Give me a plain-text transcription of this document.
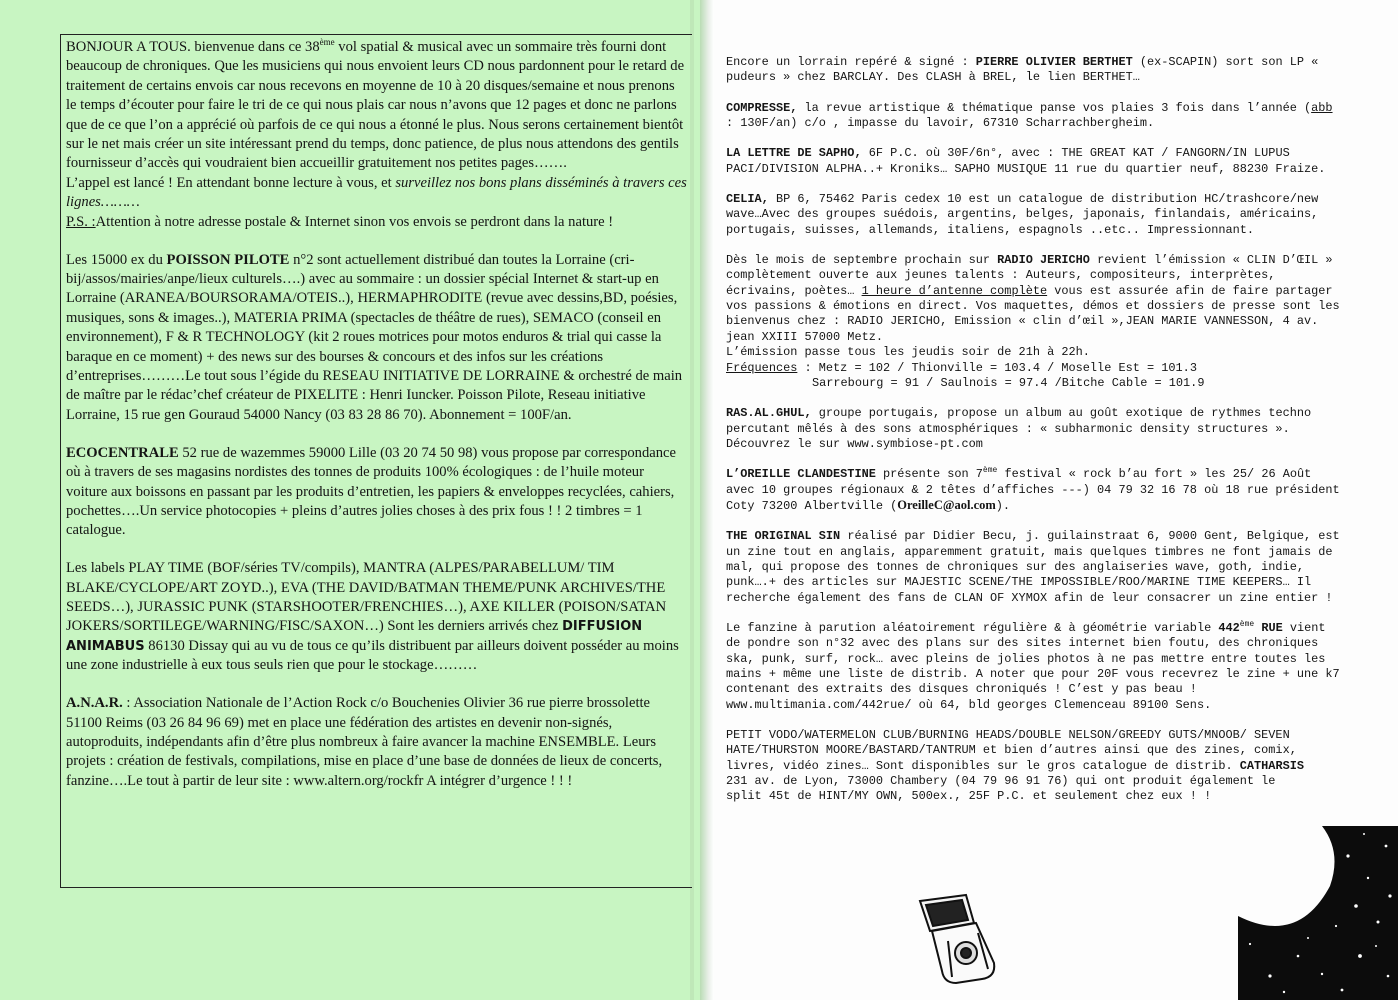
BONJOUR A TOUS. bienvenue dans ce 38ème vol spatial & musical avec un sommaire très fourni dont beaucoup de chroniques. Que les musiciens qui nous envoient leurs CD nous pardonnent pour le retard de traitement de certains envois car nous recevons en moyenne de 10 à 20 disques/semaine et nous prenons le temps d’écouter pour faire le tri de ce qui nous plais car nous n’avons que 12 pages et donc ne parlons que de ce que l’on a apprécié où parfois de ce qui nous a étonné le plus. Nous serons certainement bientôt sur le net mais créer un site intéressant prend du temps, donc patience, de plus nous attendons des gentils fournisseur d’accès qui voudraient bien accueillir gratuitement nos petites pages…….
L’appel est lancé ! En attendant bonne lecture à vous, et surveillez nos bons plans disséminés à travers ces lignes………
P.S. :Attention à notre adresse postale & Internet sinon vos envois se perdront dans la nature !

Les 15000 ex du POISSON PILOTE n°2 sont actuellement distribué dan toutes la Lorraine (cri-bij/assos/mairies/anpe/lieux culturels….) avec au sommaire : un dossier spécial Internet & start-up en Lorraine (ARANEA/BOURSORAMA/OTEIS..), HERMAPHRODITE (revue avec dessins,BD, poésies, musiques, sons & images..), MATERIA PRIMA (spectacles de théâtre de rues), SEMACO (conseil en environnement), F & R TECHNOLOGY (kit 2 roues motrices pour motos enduros & trial qui casse la baraque en ce moment) + des news sur des bourses & concours et des infos sur les créations d’entreprises………Le tout sous l’égide du RESEAU INITIATIVE DE LORRAINE & orchestré de main de maître par le rédac’chef créateur de PIXELITE : Henri Iuncker. Poisson Pilote, Reseau initiative Lorraine, 15 rue gen Gouraud 54000 Nancy (03 83 28 86 70). Abonnement = 100F/an.

ECOCENTRALE 52 rue de wazemmes 59000 Lille (03 20 74 50 98) vous propose par correspondance où à travers de ses magasins nordistes des tonnes de produits 100% écologiques : de l’huile moteur voiture aux boissons en passant par les produits d’entretien, les papiers & enveloppes recyclées, cahiers, pochettes….Un service photocopies + pleins d’autres jolies choses à des prix fous ! ! 2 timbres = 1 catalogue.

Les labels PLAY TIME (BOF/séries TV/compils), MANTRA (ALPES/PARABELLUM/ TIM BLAKE/CYCLOPE/ART ZOYD..), EVA (THE DAVID/BATMAN THEME/PUNK ARCHIVES/THE SEEDS…), JURASSIC PUNK (STARSHOOTER/FRENCHIES…), AXE KILLER (POISON/SATAN JOKERS/SORTILEGE/WARNING/FISC/SAXON…) Sont les derniers arrivés chez DIFFUSION ANIMABUS 86130 Dissay qui au vu de tous ce qu’ils distribuent par ailleurs doivent posséder au moins une zone industrielle à eux tous seuls rien que pour le stockage………

A.N.A.R. : Association Nationale de l’Action Rock c/o Bouchenies Olivier 36 rue pierre brossolette 51100 Reims (03 26 84 96 69) met en place une fédération des artistes en devenir non-signés, autoproduits, indépendants afin d’être plus nombreux à faire avancer la machine ENSEMBLE. Leurs projets : création de festivals, compilations, mise en place d’une base de données de lieux de concerts, fanzine….Le tout à partir de leur site : www.altern.org/rockfr A intégrer d’urgence ! ! !

Encore un lorrain repéré & signé : PIERRE OLIVIER BERTHET (ex-SCAPIN) sort son LP « pudeurs » chez BARCLAY. Des CLASH à BREL, le lien BERTHET…

COMPRESSE, la revue artistique & thématique panse vos plaies 3 fois dans l’année (abb : 130F/an) c/o , impasse du lavoir, 67310 Scharrachbergheim.

LA LETTRE DE SAPHO, 6F P.C. où 30F/6n°, avec : THE GREAT KAT / FANGORN/IN LUPUS PACI/DIVISION ALPHA..+ Kroniks… SAPHO MUSIQUE 11 rue du quartier neuf, 88230 Fraize.

CELIA, BP 6, 75462 Paris cedex 10 est un catalogue de distribution HC/trashcore/new wave…Avec des groupes suédois, argentins, belges, japonais, finlandais, américains, portugais, suisses, allemands, italiens, espagnols ..etc.. Impressionnant.

Dès le mois de septembre prochain sur RADIO JERICHO revient l’émission « CLIN D’ŒIL » complètement ouverte aux jeunes talents : Auteurs, compositeurs, interprètes, écrivains, poètes… 1 heure d’antenne complète vous est assurée afin de faire partager vos passions & émotions en direct. Vos maquettes, démos et dossiers de presse sont les bienvenus chez : RADIO JERICHO, Emission « clin d’œil »,JEAN MARIE VANNESSON, 4 av. jean XXIII 57000 Metz.
L’émission passe tous les jeudis soir de 21h à 22h.
Fréquences : Metz = 102 / Thionville = 103.4 / Moselle Est = 101.3
Sarrebourg = 91 / Saulnois = 97.4 /Bitche Cable = 101.9

RAS.AL.GHUL, groupe portugais, propose un album au goût exotique de rythmes techno percutant mêlés à des sons atmosphériques : « subharmonic density structures ». Découvrez le sur www.symbiose-pt.com

L’OREILLE CLANDESTINE présente son 7ème festival « rock b’au fort » les 25/ 26 Août avec 10 groupes régionaux & 2 têtes d’affiches ---) 04 79 32 16 78 où 18 rue président Coty 73200 Albertville (OreilleC@aol.com).

THE ORIGINAL SIN réalisé par Didier Becu, j. guilainstraat 6, 9000 Gent, Belgique, est un zine tout en anglais, apparemment gratuit, mais quelques timbres ne font jamais de mal, qui propose des tonnes de chroniques sur des anglaiseries wave, goth, indie, punk….+ des articles sur MAJESTIC SCENE/THE IMPOSSIBLE/ROO/MARINE TIME KEEPERS… Il recherche également des fans de CLAN OF XYMOX afin de leur consacrer un zine entier !

Le fanzine à parution aléatoirement régulière & à géométrie variable 442ème RUE vient de pondre son n°32 avec des plans sur des sites internet bien foutu, des chroniques ska, punk, surf, rock… avec pleins de jolies photos à ne pas mettre entre toutes les mains + même une liste de distrib. A noter que pour 20F vous recevrez le zine + une k7 contenant des extraits des disques chroniqués ! C’est y pas beau ! www.multimania.com/442rue/ où 64, bld georges Clemenceau 89100 Sens.

PETIT VODO/WATERMELON CLUB/BURNING HEADS/DOUBLE NELSON/GREEDY GUTS/MNOOB/ SEVEN HATE/THURSTON MOORE/BASTARD/TANTRUM et bien d’autres ainsi que des zines, comix, livres, vidéo zines… Sont disponibles sur le gros catalogue de distrib. CATHARSIS 231 av. de Lyon, 73000 Chambery (04 79 96 91 76) qui ont produit également le split 45t de HINT/MY OWN, 500ex., 25F P.C. et seulement chez eux ! !
